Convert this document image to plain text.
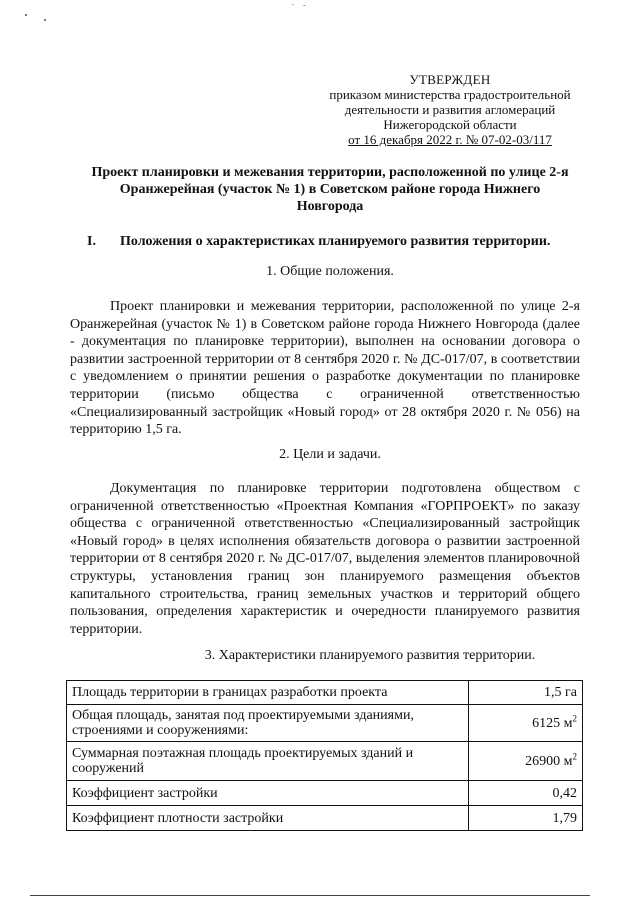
УТВЕРЖДЕН
приказом министерства градостроительной
деятельности и развития агломераций
Нижегородской области
от 16 декабря 2022 г. № 07-02-03/117
Проект планировки и межевания территории, расположенной по улице 2-я
Оранжерейная (участок № 1) в Советском районе города Нижнего
Новгорода
I. Положения о характеристиках планируемого развития территории.
1. Общие положения.
Проект планировки и межевания территории, расположенной по улице 2-я Оранжерейная (участок № 1) в Советском районе города Нижнего Новгорода (далее - документация по планировке территории), выполнен на основании договора о развитии застроенной территории от 8 сентября 2020 г. № ДС-017/07, в соответствии с уведомлением о принятии решения о разработке документации по планировке территории (письмо общества с ограниченной ответственностью «Специализированный застройщик «Новый город» от 28 октября 2020 г. № 056) на территорию 1,5 га.
2. Цели и задачи.
Документация по планировке территории подготовлена обществом с ограниченной ответственностью «Проектная Компания «ГОРПРОЕКТ» по заказу общества с ограниченной ответственностью «Специализированный застройщик «Новый город» в целях исполнения обязательств договора о развитии застроенной территории от 8 сентября 2020 г. № ДС-017/07, выделения элементов планировочной структуры, установления границ зон планируемого размещения объектов капитального строительства, границ земельных участков и территорий общего пользования, определения характеристик и очередности планируемого развития территории.
3. Характеристики планируемого развития территории.
Площадь территории в границах разработки проекта	1,5 га
Общая площадь, занятая под проектируемыми зданиями, строениями и сооружениями:	6125 $м^2$
Суммарная поэтажная площадь проектируемых зданий и сооружений	26900 $м^2$
Коэффициент застройки	0,42
Коэффициент плотности застройки	1,79
